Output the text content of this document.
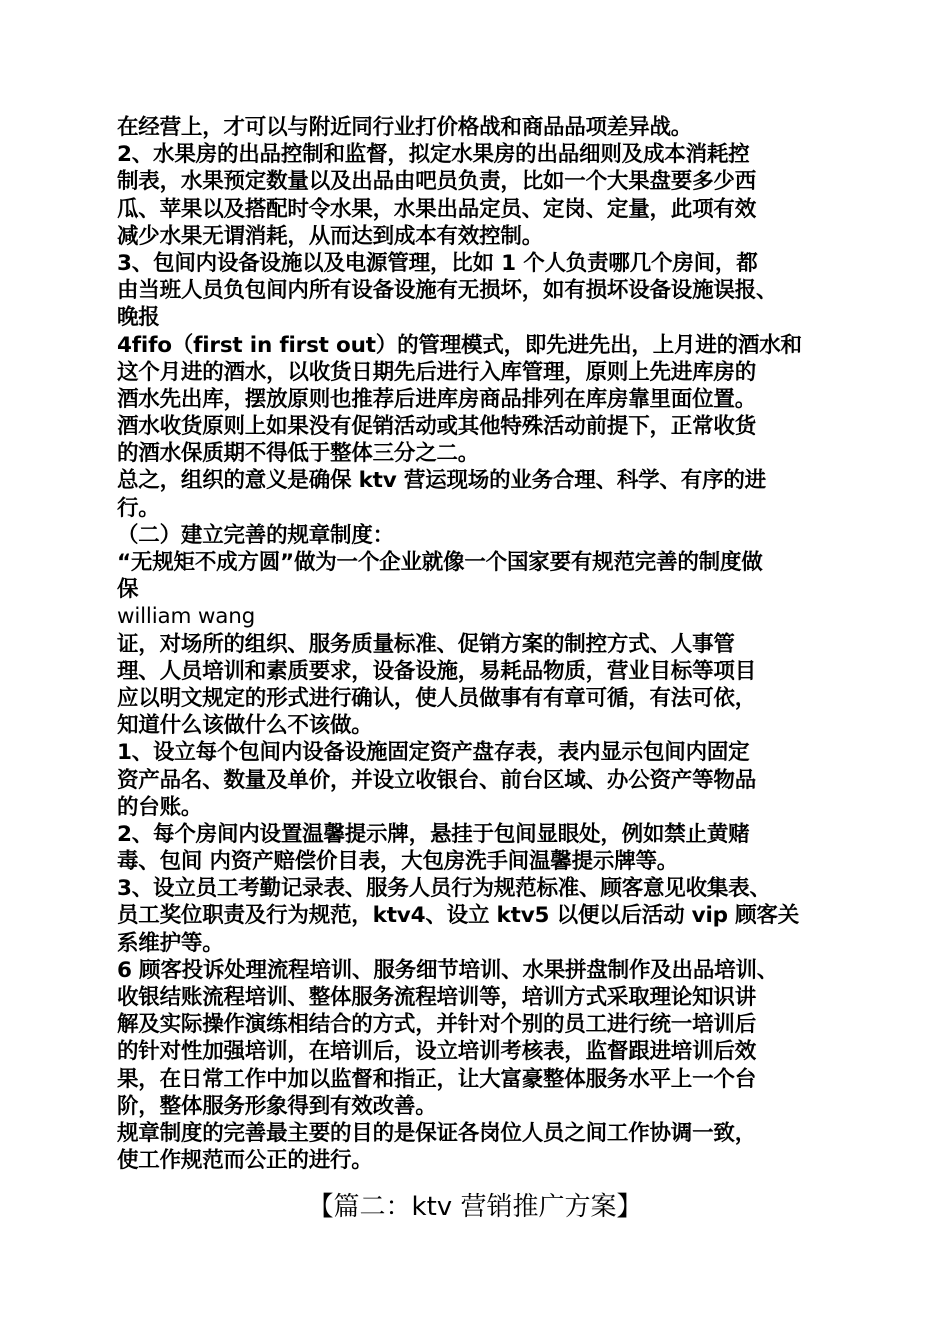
在经营上，才可以与附近同行业打价格战和商品品项差异战。
2、水果房的出品控制和监督，拟定水果房的出品细则及成本消耗控
制表，水果预定数量以及出品由吧员负责，比如一个大果盘要多少西
瓜、苹果以及搭配时令水果，水果出品定员、定岗、定量，此项有效
减少水果无谓消耗，从而达到成本有效控制。
3、包间内设备设施以及电源管理，比如 1 个人负责哪几个房间，都
由当班人员负包间内所有设备设施有无损坏，如有损坏设备设施误报、
晚报
4fifo（first in first out）的管理模式，即先进先出，上月进的酒水和
这个月进的酒水，以收货日期先后进行入库管理，原则上先进库房的
酒水先出库，摆放原则也推荐后进库房商品排列在库房靠里面位置。
酒水收货原则上如果没有促销活动或其他特殊活动前提下，正常收货
的酒水保质期不得低于整体三分之二。
总之，组织的意义是确保 ktv 营运现场的业务合理、科学、有序的进
行。
（二）建立完善的规章制度：
“无规矩不成方圆”做为一个企业就像一个国家要有规范完善的制度做
保
william wang
证，对场所的组织、服务质量标准、促销方案的制控方式、人事管
理、人员培训和素质要求，设备设施，易耗品物质，营业目标等项目
应以明文规定的形式进行确认，使人员做事有有章可循，有法可依，
知道什么该做什么不该做。
1、设立每个包间内设备设施固定资产盘存表，表内显示包间内固定
资产品名、数量及单价，并设立收银台、前台区域、办公资产等物品
的台账。
2、每个房间内设置温馨提示牌，悬挂于包间显眼处，例如禁止黄赌
毒、包间 内资产赔偿价目表，大包房洗手间温馨提示牌等。
3、设立员工考勤记录表、服务人员行为规范标准、顾客意见收集表、
员工奖位职责及行为规范，ktv4、设立 ktv5 以便以后活动 vip 顾客关
系维护等。
6 顾客投诉处理流程培训、服务细节培训、水果拼盘制作及出品培训、
收银结账流程培训、整体服务流程培训等，培训方式采取理论知识讲
解及实际操作演练相结合的方式，并针对个别的员工进行统一培训后
的针对性加强培训，在培训后，设立培训考核表，监督跟进培训后效
果，在日常工作中加以监督和指正，让大富豪整体服务水平上一个台
阶，整体服务形象得到有效改善。
规章制度的完善最主要的目的是保证各岗位人员之间工作协调一致，
使工作规范而公正的进行。
【篇二：ktv 营销推广方案】
